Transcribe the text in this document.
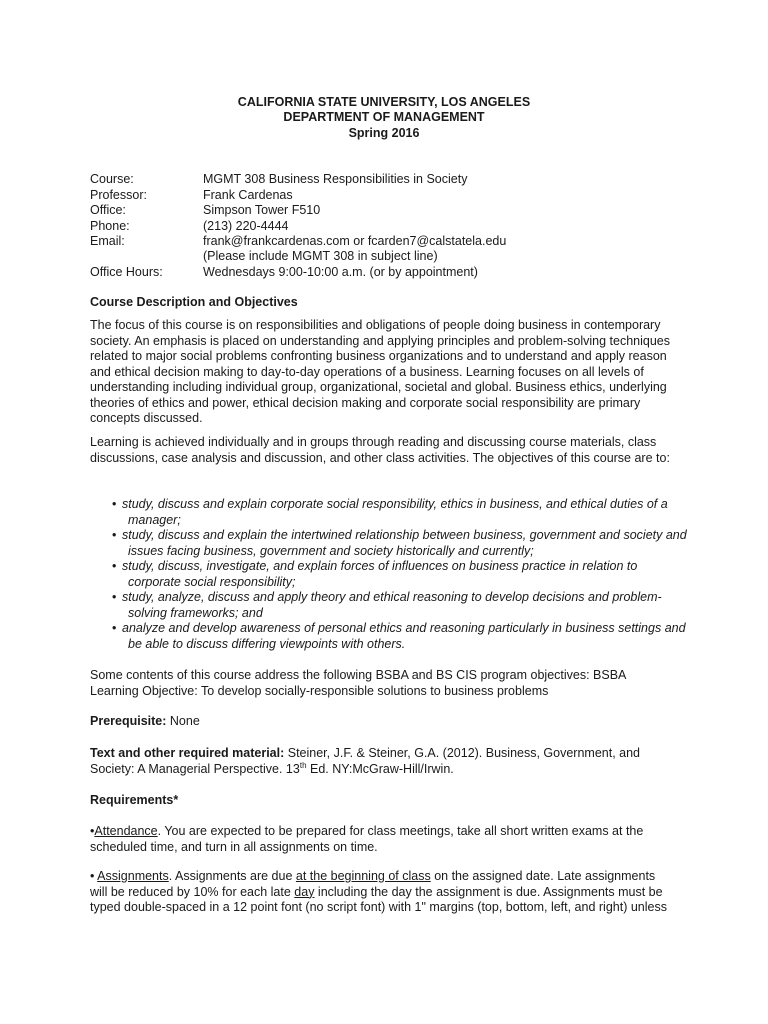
CALIFORNIA STATE UNIVERSITY, LOS ANGELES
DEPARTMENT OF MANAGEMENT
Spring 2016
Course:	MGMT 308 Business Responsibilities in Society
Professor:	Frank Cardenas
Office:	Simpson Tower F510
Phone:	(213) 220-4444
Email:	frank@frankcardenas.com or fcarden7@calstatela.edu
(Please include MGMT 308 in subject line)
Office Hours:	Wednesdays 9:00-10:00 a.m. (or by appointment)
Course Description and Objectives
The focus of this course is on responsibilities and obligations of people doing business in contemporary society. An emphasis is placed on understanding and applying principles and problem-solving techniques related to major social problems confronting business organizations and to understand and apply reason and ethical decision making to day-to-day operations of a business. Learning focuses on all levels of understanding including individual group, organizational, societal and global. Business ethics, underlying theories of ethics and power, ethical decision making and corporate social responsibility are primary concepts discussed.
Learning is achieved individually and in groups through reading and discussing course materials, class discussions, case analysis and discussion, and other class activities. The objectives of this course are to:
• study, discuss and explain corporate social responsibility, ethics in business, and ethical duties of a manager;
• study, discuss and explain the intertwined relationship between business, government and society and issues facing business, government and society historically and currently;
• study, discuss, investigate, and explain forces of influences on business practice in relation to corporate social responsibility;
• study, analyze, discuss and apply theory and ethical reasoning to develop decisions and problem-solving frameworks; and
• analyze and develop awareness of personal ethics and reasoning particularly in business settings and be able to discuss differing viewpoints with others.
Some contents of this course address the following BSBA and BS CIS program objectives: BSBA Learning Objective: To develop socially-responsible solutions to business problems
Prerequisite: None
Text and other required material: Steiner, J.F. & Steiner, G.A. (2012). Business, Government, and Society: A Managerial Perspective. 13th Ed. NY:McGraw-Hill/Irwin.
Requirements*
•Attendance. You are expected to be prepared for class meetings, take all short written exams at the scheduled time, and turn in all assignments on time.
• Assignments. Assignments are due at the beginning of class on the assigned date. Late assignments will be reduced by 10% for each late day including the day the assignment is due. Assignments must be typed double-spaced in a 12 point font (no script font) with 1" margins (top, bottom, left, and right) unless
